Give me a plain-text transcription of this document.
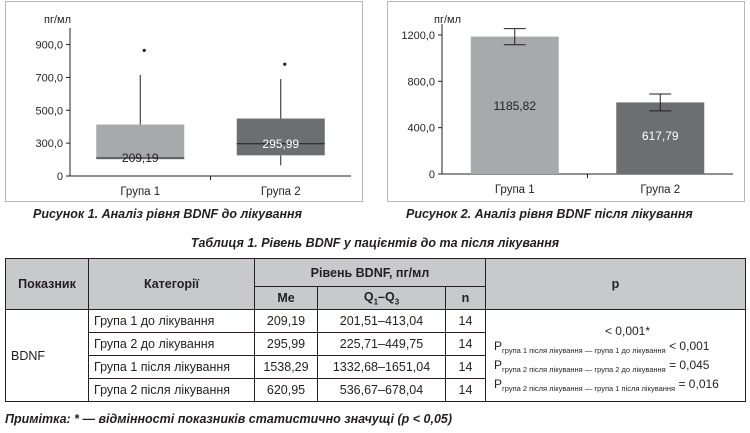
пг/мл
900,0
700,0
500,0
300,0
0
209,19
Група 1
295,99
Група 2
пг/мл
1200,0
800,0
400,0
0
1185,82
Група 1
617,79
Група 2
Рисунок 1. Аналіз рівня BDNF до лікування	Рисунок 2. Аналіз рівня BDNF після лікування
Таблиця 1. Рівень BDNF у пацієнтів до та після лікування
Показник	Категорії	Рівень BDNF, пг/мл			p
		Me	$Q_1-Q_3$	n	
BDNF	Група 1 до лікування	209,19	201,51–413,04	14	< 0,001*
$P_{група 1 після лікування — група 1 до лікування} < 0,001$
$P_{група 2 після лікування — група 2 до лікування} = 0,045$
$P_{група 2 після лікування — група 1 після лікування} = 0,016$

	Група 2 до лікування	295,99	225,71–449,75	14	
	Група 1 після лікування	1538,29	1332,68–1651,04	14	
	Група 2 після лікування	620,95	536,67–678,04	14	
Примітка: * — відмінності показників статистично значущі (p < 0,05)
